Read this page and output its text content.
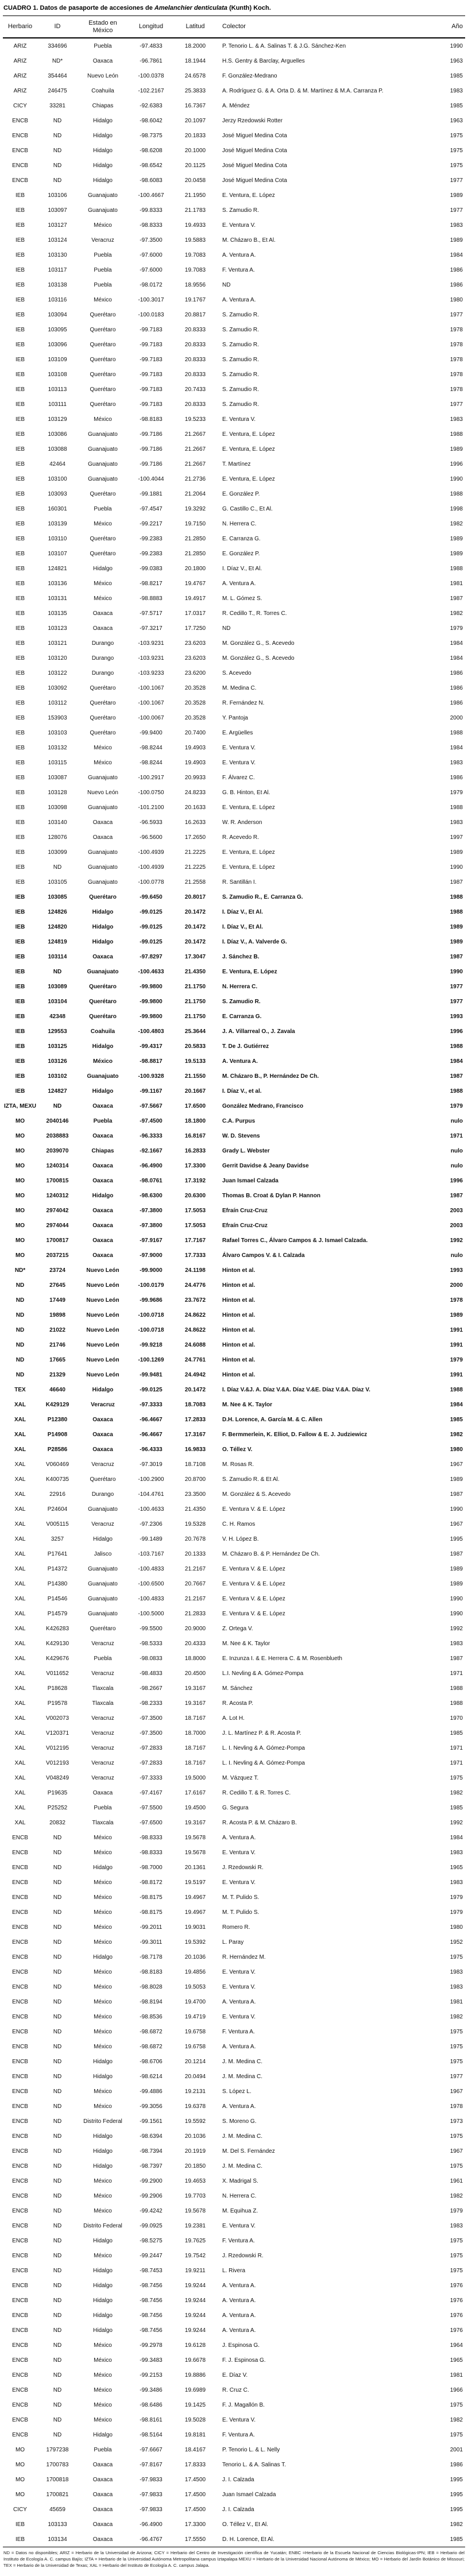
CUADRO 1. Datos de pasaporte de accesiones de Amelanchier denticulata (Kunth) Koch.
Herbario	ID	Estado en México	Longitud	Latitud	Colector	Año
ARIZ	334696	Puebla	-97.4833	18.2000	P. Tenorio L. & A. Salinas T. & J.G. Sánchez-Ken	1990
ARIZ	ND*	Oaxaca	-96.7861	18.1944	H.S. Gentry & Barclay, Arguelles	1963
ARIZ	354464	Nuevo León	-100.0378	24.6578	F. González-Medrano	1985
ARIZ	246475	Coahuila	-102.2167	25.3833	A. Rodríguez G. & A. Orta D. & M. Martínez & M.A. Carranza P.	1983
CICY	33281	Chiapas	-92.6383	16.7367	A. Méndez	1985
ENCB	ND	Hidalgo	-98.6042	20.1097	Jerzy Rzedowski Rotter	1963
ENCB	ND	Hidalgo	-98.7375	20.1833	José Miguel Medina Cota	1975
ENCB	ND	Hidalgo	-98.6208	20.1000	José Miguel Medina Cota	1975
ENCB	ND	Hidalgo	-98.6542	20.1125	José Miguel Medina Cota	1975
ENCB	ND	Hidalgo	-98.6083	20.0458	José Miguel Medina Cota	1977
IEB	103106	Guanajuato	-100.4667	21.1950	E. Ventura, E. López	1989
IEB	103097	Guanajuato	-99.8333	21.1783	S. Zamudio R.	1977
IEB	103127	México	-98.8333	19.4933	E. Ventura V.	1983
IEB	103124	Veracruz	-97.3500	19.5883	M. Cházaro B., Et Al.	1989
IEB	103130	Puebla	-97.6000	19.7083	A. Ventura A.	1984
IEB	103117	Puebla	-97.6000	19.7083	F. Ventura A.	1986
IEB	103138	Puebla	-98.0172	18.9556	ND	1986
IEB	103116	México	-100.3017	19.1767	A. Ventura A.	1980
IEB	103094	Querétaro	-100.0183	20.8817	S. Zamudio R.	1977
IEB	103095	Querétaro	-99.7183	20.8333	S. Zamudio R.	1978
IEB	103096	Querétaro	-99.7183	20.8333	S. Zamudio R.	1978
IEB	103109	Querétaro	-99.7183	20.8333	S. Zamudio R.	1978
IEB	103108	Querétaro	-99.7183	20.8333	S. Zamudio R.	1978
IEB	103113	Querétaro	-99.7183	20.7433	S. Zamudio R.	1978
IEB	103111	Querétaro	-99.7183	20.8333	S. Zamudio R.	1977
IEB	103129	México	-98.8183	19.5233	E. Ventura V.	1983
IEB	103086	Guanajuato	-99.7186	21.2667	E. Ventura, E. López	1988
IEB	103088	Guanajuato	-99.7186	21.2667	E. Ventura, E. López	1989
IEB	42464	Guanajuato	-99.7186	21.2667	T. Martínez	1996
IEB	103100	Guanajuato	-100.4044	21.2736	E. Ventura, E. López	1990
IEB	103093	Querétaro	-99.1881	21.2064	E. González P.	1988
IEB	160301	Puebla	-97.4547	19.3292	G. Castillo C., Et Al.	1998
IEB	103139	México	-99.2217	19.7150	N. Herrera C.	1982
IEB	103110	Querétaro	-99.2383	21.2850	E. Carranza G.	1989
IEB	103107	Querétaro	-99.2383	21.2850	E. González P.	1989
IEB	124821	Hidalgo	-99.0383	20.1800	I. Díaz V., Et Al.	1988
IEB	103136	México	-98.8217	19.4767	A. Ventura A.	1981
IEB	103131	México	-98.8883	19.4917	M. L. Gómez S.	1987
IEB	103135	Oaxaca	-97.5717	17.0317	R. Cedillo T., R. Torres C.	1982
IEB	103123	Oaxaca	-97.3217	17.7250	ND	1979
IEB	103121	Durango	-103.9231	23.6203	M. González G., S. Acevedo	1984
IEB	103120	Durango	-103.9231	23.6203	M. González G., S. Acevedo	1984
IEB	103122	Durango	-103.9233	23.6200	S. Acevedo	1986
IEB	103092	Querétaro	-100.1067	20.3528	M. Medina C.	1986
IEB	103112	Querétaro	-100.1067	20.3528	R. Fernández N.	1986
IEB	153903	Querétaro	-100.0067	20.3528	Y. Pantoja	2000
IEB	103103	Querétaro	-99.9400	20.7400	E. Argüelles	1988
IEB	103132	México	-98.8244	19.4903	E. Ventura V.	1984
IEB	103115	México	-98.8244	19.4903	E. Ventura V.	1983
IEB	103087	Guanajuato	-100.2917	20.9933	F. Álvarez C.	1986
IEB	103128	Nuevo León	-100.0750	24.8233	G. B. Hinton, Et Al.	1979
IEB	103098	Guanajuato	-101.2100	20.1633	E. Ventura, E. López	1988
IEB	103140	Oaxaca	-96.5933	16.2633	W. R. Anderson	1983
IEB	128076	Oaxaca	-96.5600	17.2650	R. Acevedo R.	1997
IEB	103099	Guanajuato	-100.4939	21.2225	E. Ventura, E. López	1989
IEB	ND	Guanajuato	-100.4939	21.2225	E. Ventura, E. López	1990
IEB	103105	Guanajuato	-100.0778	21.2558	R. Santillán I.	1987
IEB	103085	Querétaro	-99.6450	20.8017	S. Zamudio R., E. Carranza G.	1988
IEB	124826	Hidalgo	-99.0125	20.1472	I. Díaz V., Et Al.	1988
IEB	124820	Hidalgo	-99.0125	20.1472	I. Díaz V., Et Al.	1989
IEB	124819	Hidalgo	-99.0125	20.1472	I. Díaz V., A. Valverde G.	1989
IEB	103114	Oaxaca	-97.8297	17.3047	J. Sánchez B.	1987
IEB	ND	Guanajuato	-100.4633	21.4350	E. Ventura, E. López	1990
IEB	103089	Querétaro	-99.9800	21.1750	N. Herrera C.	1977
IEB	103104	Querétaro	-99.9800	21.1750	S. Zamudio R.	1977
IEB	42348	Querétaro	-99.9800	21.1750	E. Carranza G.	1993
IEB	129553	Coahuila	-100.4803	25.3644	J. A. Villarreal O., J. Zavala	1996
IEB	103125	Hidalgo	-99.4317	20.5833	T. De J. Gutiérrez	1988
IEB	103126	México	-98.8817	19.5133	A. Ventura A.	1984
IEB	103102	Guanajuato	-100.9328	21.1550	M. Cházaro B., P. Hernández De Ch.	1987
IEB	124827	Hidalgo	-99.1167	20.1667	I. Díaz V., et al.	1988
IZTA, MEXU	ND	Oaxaca	-97.5667	17.6500	González Medrano, Francisco	1979
MO	2040146	Puebla	-97.4500	18.1800	C.A. Purpus	nulo
MO	2038883	Oaxaca	-96.3333	16.8167	W. D. Stevens	1971
MO	2039070	Chiapas	-92.1667	16.2833	Grady L. Webster	nulo
MO	1240314	Oaxaca	-96.4900	17.3300	Gerrit Davidse & Jeany Davidse	nulo
MO	1700815	Oaxaca	-98.0761	17.3192	Juan Ismael Calzada	1996
MO	1240312	Hidalgo	-98.6300	20.6300	Thomas B. Croat & Dylan P. Hannon	1987
MO	2974042	Oaxaca	-97.3800	17.5053	Efraín Cruz-Cruz	2003
MO	2974044	Oaxaca	-97.3800	17.5053	Efraín Cruz-Cruz	2003
MO	1700817	Oaxaca	-97.9167	17.7167	Rafael Torres C., Álvaro Campos & J. Ismael Calzada.	1992
MO	2037215	Oaxaca	-97.9000	17.7333	Álvaro Campos V. & I. Calzada	nulo
ND*	23724	Nuevo León	-99.9000	24.1198	Hinton et al.	1993
ND	27645	Nuevo León	-100.0179	24.4776	Hinton et al.	2000
ND	17449	Nuevo León	-99.9686	23.7672	Hinton et al.	1978
ND	19898	Nuevo León	-100.0718	24.8622	Hinton et al.	1989
ND	21022	Nuevo León	-100.0718	24.8622	Hinton et al.	1991
ND	21746	Nuevo León	-99.9218	24.6088	Hinton et al.	1991
ND	17665	Nuevo León	-100.1269	24.7761	Hinton et al.	1979
ND	21329	Nuevo León	-99.9481	24.4942	Hinton et al.	1991
TEX	46640	Hidalgo	-99.0125	20.1472	I. Díaz V.&J. A. Díaz V.&A. Díaz V.&E. Díaz V.&A. Díaz V.	1988
XAL	K429129	Veracruz	-97.3333	18.7083	M. Nee & K. Taylor	1984
XAL	P12380	Oaxaca	-96.4667	17.2833	D.H. Lorence, A. García M. & C. Allen	1985
XAL	P14908	Oaxaca	-96.4667	17.3167	F. Bermmerlein, K. Elliot, D. Fallow & E. J. Judziewicz	1982
XAL	P28586	Oaxaca	-96.4333	16.9833	O. Téllez V.	1980
XAL	V060469	Veracruz	-97.3019	18.7108	M. Rosas R.	1967
XAL	K400735	Querétaro	-100.2900	20.8700	S. Zamudio R. & Et Al.	1989
XAL	22916	Durango	-104.4761	23.3500	M. González & S. Acevedo	1987
XAL	P24604	Guanajuato	-100.4633	21.4350	E. Ventura V. & E. López	1990
XAL	V005115	Veracruz	-97.2306	19.5328	C. H. Ramos	1967
XAL	3257	Hidalgo	-99.1489	20.7678	V. H. López B.	1995
XAL	P17641	Jalisco	-103.7167	20.1333	M. Cházaro B. & P. Hernández De Ch.	1987
XAL	P14372	Guanajuato	-100.4833	21.2167	E. Ventura V. & E. López	1989
XAL	P14380	Guanajuato	-100.6500	20.7667	E. Ventura V. & E. López	1989
XAL	P14546	Guanajuato	-100.4833	21.2167	E. Ventura V. & E. López	1990
XAL	P14579	Guanajuato	-100.5000	21.2833	E. Ventura V. & E. López	1990
XAL	K426283	Querétaro	-99.5500	20.9000	Z. Ortega V.	1992
XAL	K429130	Veracruz	-98.5333	20.4333	M. Nee & K. Taylor	1983
XAL	K429676	Puebla	-98.0833	18.8000	E. Inzunza I. & E. Herrera C. & M. Rosenblueth	1987
XAL	V011652	Veracruz	-98.4833	20.4500	L.I. Nevling & A. Gómez-Pompa	1971
XAL	P18628	Tlaxcala	-98.2667	19.3167	M. Sánchez	1988
XAL	P19578	Tlaxcala	-98.2333	19.3167	R. Acosta P.	1988
XAL	V002073	Veracruz	-97.3500	18.7167	A. Lot H.	1970
XAL	V120371	Veracruz	-97.3500	18.7000	J. L. Martínez P. & R. Acosta P.	1985
XAL	V012195	Veracruz	-97.2833	18.7167	L. I. Nevling & A. Gómez-Pompa	1971
XAL	V012193	Veracruz	-97.2833	18.7167	L. I. Nevling & A. Gómez-Pompa	1971
XAL	V048249	Veracruz	-97.3333	19.5000	M. Vázquez T.	1975
XAL	P19635	Oaxaca	-97.4167	17.6167	R. Cedillo T. & R. Torres C.	1982
XAL	P25252	Puebla	-97.5500	19.4500	G. Segura	1985
XAL	20832	Tlaxcala	-97.6500	19.3167	R. Acosta P. & M. Cházaro B.	1992
ENCB	ND	México	-98.8333	19.5678	A. Ventura A.	1984
ENCB	ND	México	-98.8333	19.5678	E. Ventura V.	1983
ENCB	ND	Hidalgo	-98.7000	20.1361	J. Rzedowski R.	1965
ENCB	ND	México	-98.8172	19.5197	E. Ventura V.	1983
ENCB	ND	México	-98.8175	19.4967	M. T. Pulido S.	1979
ENCB	ND	México	-98.8175	19.4967	M. T. Pulido S.	1979
ENCB	ND	México	-99.2011	19.9031	Romero R.	1980
ENCB	ND	México	-99.3011	19.5392	L. Paray	1952
ENCB	ND	Hidalgo	-98.7178	20.1036	R. Hernández M.	1975
ENCB	ND	México	-98.8183	19.4856	E. Ventura V.	1983
ENCB	ND	México	-98.8028	19.5053	E. Ventura V.	1983
ENCB	ND	México	-98.8194	19.4700	A. Ventura A.	1981
ENCB	ND	México	-98.8536	19.4719	E. Ventura V.	1982
ENCB	ND	México	-98.6872	19.6758	F. Ventura A.	1975
ENCB	ND	México	-98.6872	19.6758	A. Ventura A.	1975
ENCB	ND	Hidalgo	-98.6706	20.1214	J. M. Medina C.	1975
ENCB	ND	Hidalgo	-98.6214	20.0494	J. M. Medina C.	1977
ENCB	ND	México	-99.4886	19.2131	S. López L.	1967
ENCB	ND	México	-99.3056	19.6378	A. Ventura A.	1978
ENCB	ND	Distrito Federal	-99.1561	19.5592	S. Moreno G.	1973
ENCB	ND	Hidalgo	-98.6394	20.1036	J. M. Medina C.	1975
ENCB	ND	Hidalgo	-98.7394	20.1919	M. Del S. Fernández	1967
ENCB	ND	Hidalgo	-98.7397	20.1850	J. M. Medina C.	1975
ENCB	ND	México	-99.2900	19.4653	X. Madrigal S.	1961
ENCB	ND	México	-99.2906	19.7703	N. Herrera C.	1982
ENCB	ND	México	-99.4242	19.5678	M. Equihua Z.	1979
ENCB	ND	Distrito Federal	-99.0925	19.2381	E. Ventura V.	1983
ENCB	ND	Hidalgo	-98.5275	19.7625	F. Ventura A.	1975
ENCB	ND	México	-99.2447	19.7542	J. Rzedowski R.	1975
ENCB	ND	Hidalgo	-98.7453	19.9211	L. Rivera	1975
ENCB	ND	Hidalgo	-98.7456	19.9244	A. Ventura A.	1976
ENCB	ND	Hidalgo	-98.7456	19.9244	A. Ventura A.	1976
ENCB	ND	Hidalgo	-98.7456	19.9244	A. Ventura A.	1976
ENCB	ND	Hidalgo	-98.7456	19.9244	A. Ventura A.	1976
ENCB	ND	México	-99.2978	19.6128	J. Espinosa G.	1964
ENCB	ND	México	-99.3483	19.6678	F. J. Espinosa G.	1965
ENCB	ND	México	-99.2153	19.8886	E. Díaz V.	1981
ENCB	ND	México	-99.3486	19.6989	R. Cruz C.	1966
ENCB	ND	México	-98.6486	19.1425	F. J. Magallón B.	1975
ENCB	ND	México	-98.8161	19.5028	E. Ventura V.	1982
ENCB	ND	Hidalgo	-98.5164	19.8181	F. Ventura A.	1975
MO	1797238	Puebla	-97.6667	18.4167	P. Tenorio L. & L. Nelly	2001
MO	1700783	Oaxaca	-97.8167	17.8333	Tenorio L. & A. Salinas T.	1986
MO	1700818	Oaxaca	-97.9833	17.4500	J. I. Calzada	1995
MO	1700821	Oaxaca	-97.9833	17.4500	Juan Ismael Calzada	1995
CICY	45659	Oaxaca	-97.9833	17.4500	J. I. Calzada	1995
IEB	103133	Oaxaca	-96.4900	17.3300	O. Téllez V., Et Al.	1982
IEB	103134	Oaxaca	-96.4767	17.5550	D. H. Lorence, Et Al.	1985
ND = Datos no disponibles; ARIZ = Herbario de la Universidad de Arizona; CICY = Herbario del Centro de Investigación científica de Yucatán; ENBC =Herbario de la Escuela Nacional de Ciencias Biológicas-IPN; IEB = Herbario del Instituto de Ecología A. C. campus Bajío; IZTA = Herbario de la Universidad Autónoma Metropolitana campus Iztapalapa MEXU = Herbario de la Universidad Nacional Autónoma de México; MO = Herbario del Jardín Botánico de Missouri; TEX = Herbario de la Universidad de Texas; XAL = Herbario del Instituto de Ecología A. C. campus Jalapa.
